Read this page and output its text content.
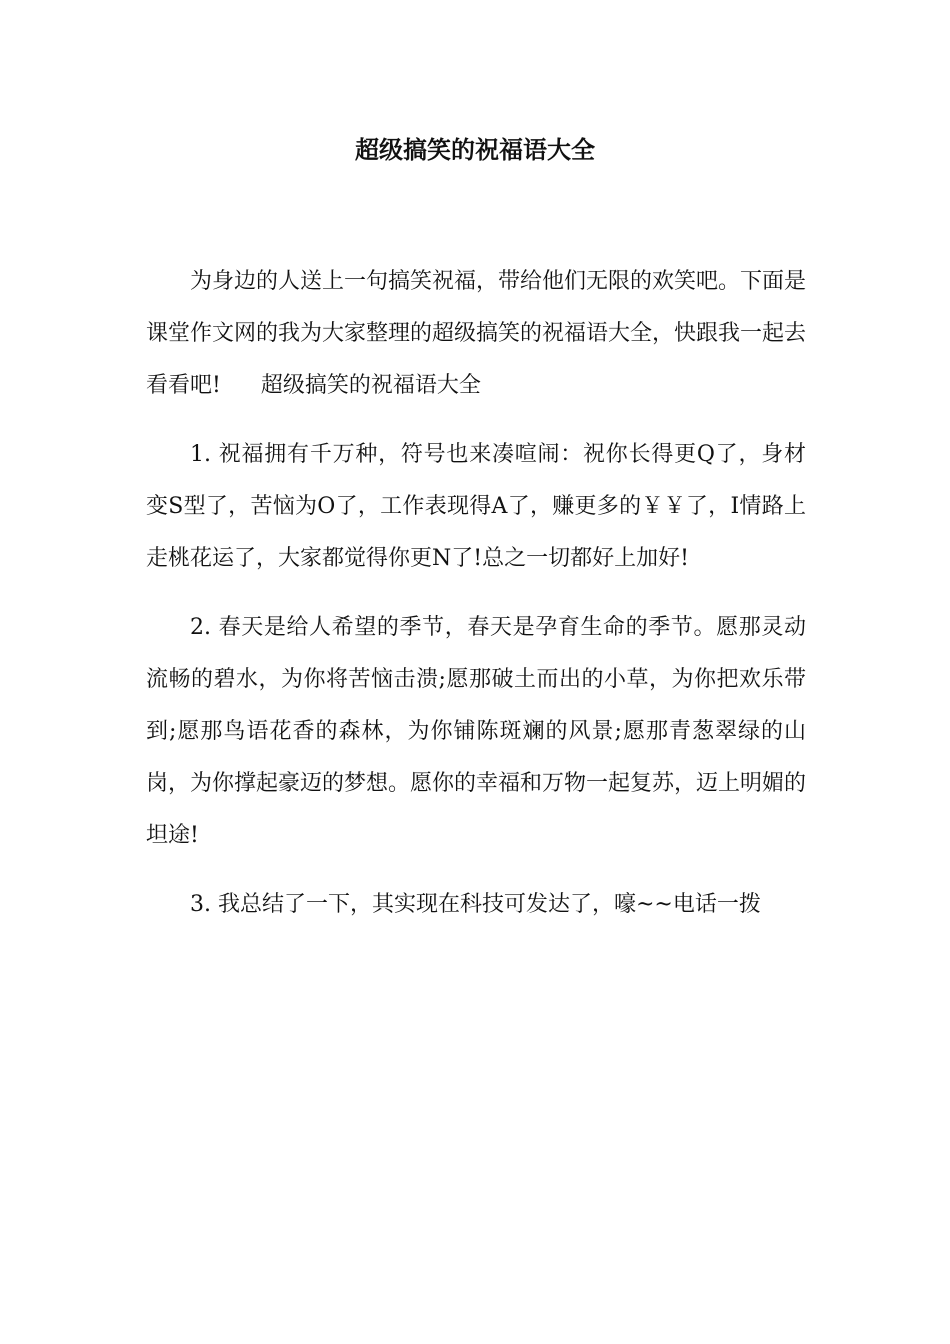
超级搞笑的祝福语大全

为身边的人送上一句搞笑祝福，带给他们无限的欢笑吧。下面是课堂作文网的我为大家整理的超级搞笑的祝福语大全，快跟我一起去看看吧! 超级搞笑的祝福语大全

1. 祝福拥有千万种，符号也来凑喧闹：祝你长得更Q了，身材变S型了，苦恼为O了，工作表现得A了，赚更多的￥￥了，I情路上走桃花运了，大家都觉得你更N了!总之一切都好上加好!

2. 春天是给人希望的季节，春天是孕育生命的季节。愿那灵动流畅的碧水，为你将苦恼击溃;愿那破土而出的小草，为你把欢乐带到;愿那鸟语花香的森林，为你铺陈斑斓的风景;愿那青葱翠绿的山岗，为你撑起豪迈的梦想。愿你的幸福和万物一起复苏，迈上明媚的坦途!

3. 我总结了一下，其实现在科技可发达了，嚎~~电话一拨
